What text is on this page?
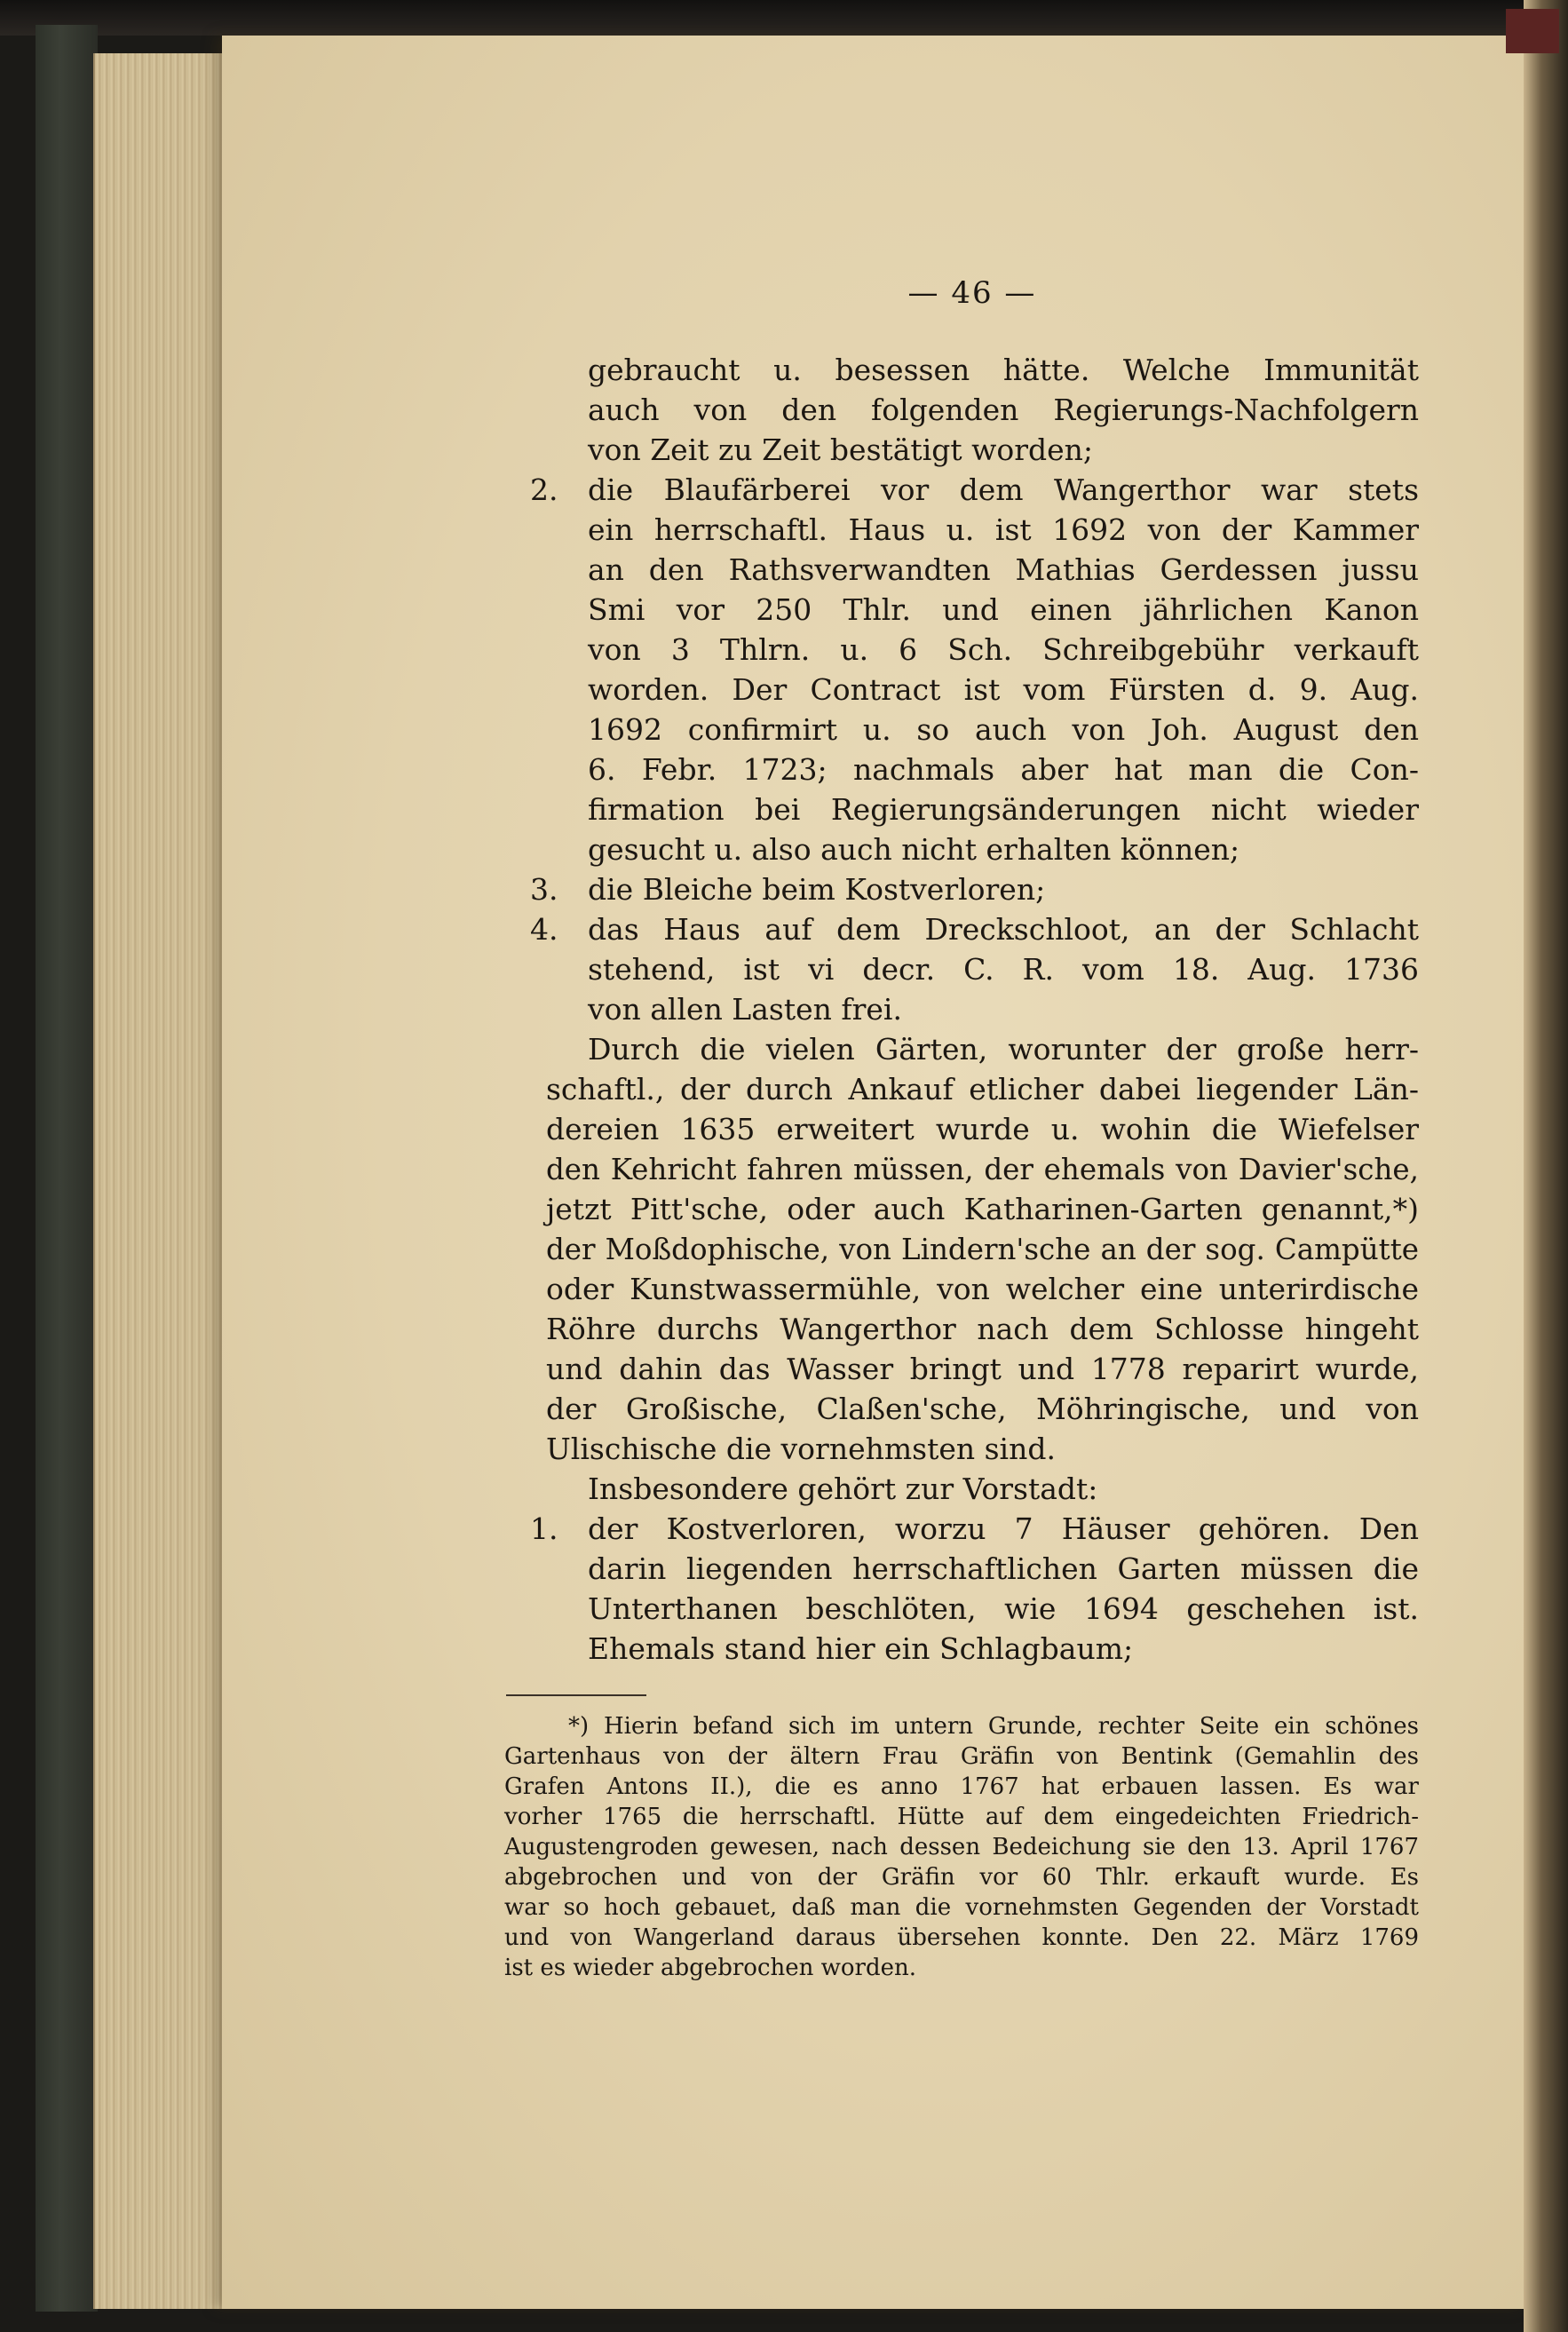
— 46 —
gebraucht u. besessen hätte. Welche Immunität
auch von den folgenden Regierungs-Nachfolgern
von Zeit zu Zeit bestätigt worden;
2. die Blaufärberei vor dem Wangerthor war stets
ein herrschaftl. Haus u. ist 1692 von der Kammer
an den Rathsverwandten Mathias Gerdessen jussu
Smi vor 250 Thlr. und einen jährlichen Kanon
von 3 Thlrn. u. 6 Sch. Schreibgebühr verkauft
worden. Der Contract ist vom Fürsten d. 9. Aug.
1692 confirmirt u. so auch von Joh. August den
6. Febr. 1723; nachmals aber hat man die Con-
firmation bei Regierungsänderungen nicht wieder
gesucht u. also auch nicht erhalten können;
3. die Bleiche beim Kostverloren;
4. das Haus auf dem Dreckschloot, an der Schlacht
stehend, ist vi decr. C. R. vom 18. Aug. 1736
von allen Lasten frei.
Durch die vielen Gärten, worunter der große herr-
schaftl., der durch Ankauf etlicher dabei liegender Län-
dereien 1635 erweitert wurde u. wohin die Wiefelser
den Kehricht fahren müssen, der ehemals von Davier'sche,
jetzt Pitt'sche, oder auch Katharinen-Garten genannt,*)
der Moßdophische, von Lindern'sche an der sog. Campütte
oder Kunstwassermühle, von welcher eine unterirdische
Röhre durchs Wangerthor nach dem Schlosse hingeht
und dahin das Wasser bringt und 1778 reparirt wurde,
der Großische, Claßen'sche, Möhringische, und von
Ulischische die vornehmsten sind.
Insbesondere gehört zur Vorstadt:
1. der Kostverloren, worzu 7 Häuser gehören. Den
darin liegenden herrschaftlichen Garten müssen die
Unterthanen beschlöten, wie 1694 geschehen ist.
Ehemals stand hier ein Schlagbaum;
*) Hierin befand sich im untern Grunde, rechter Seite ein schönes
Gartenhaus von der ältern Frau Gräfin von Bentink (Gemahlin des
Grafen Antons II.), die es anno 1767 hat erbauen lassen. Es war
vorher 1765 die herrschaftl. Hütte auf dem eingedeichten Friedrich-
Augustengroden gewesen, nach dessen Bedeichung sie den 13. April 1767
abgebrochen und von der Gräfin vor 60 Thlr. erkauft wurde. Es
war so hoch gebauet, daß man die vornehmsten Gegenden der Vorstadt
und von Wangerland daraus übersehen konnte. Den 22. März 1769
ist es wieder abgebrochen worden.
